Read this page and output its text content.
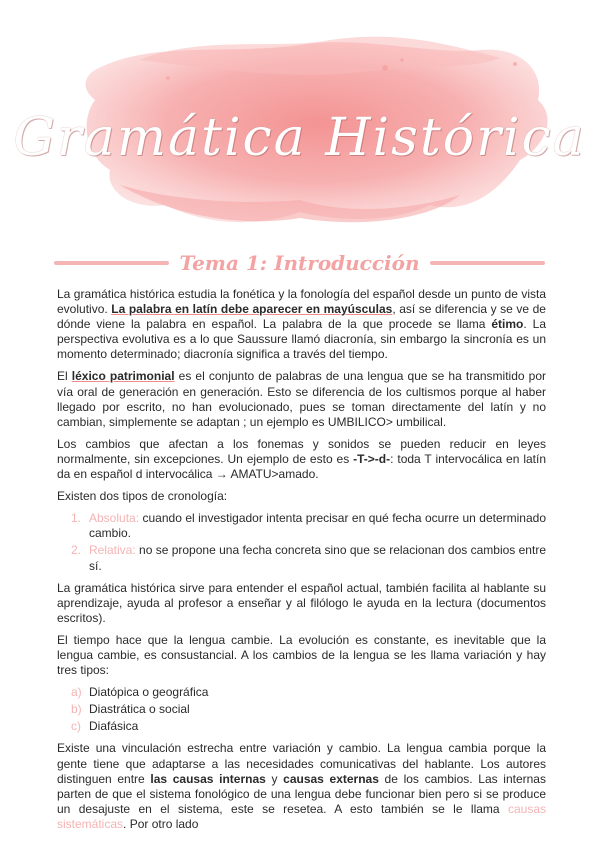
Gramática Histórica
Tema 1: Introducción

La gramática histórica estudia la fonética y la fonología del español desde un punto de vista evolutivo. La palabra en latín debe aparecer en mayúsculas, así se diferencia y se ve de dónde viene la palabra en español. La palabra de la que procede se llama étimo. La perspectiva evolutiva es a lo que Saussure llamó diacronía, sin embargo la sincronía es un momento determinado; diacronía significa a través del tiempo.

El léxico patrimonial es el conjunto de palabras de una lengua que se ha transmitido por vía oral de generación en generación. Esto se diferencia de los cultismos porque al haber llegado por escrito, no han evolucionado, pues se toman directamente del latín y no cambian, simplemente se adaptan ; un ejemplo es UMBILICO> umbilical.

Los cambios que afectan a los fonemas y sonidos se pueden reducir en leyes normalmente, sin excepciones. Un ejemplo de esto es -T->-d-: toda T intervocálica en latín da en español d intervocálica → AMATU>amado.

Existen dos tipos de cronología:

1. Absoluta: cuando el investigador intenta precisar en qué fecha ocurre un determinado cambio.
2. Relativa: no se propone una fecha concreta sino que se relacionan dos cambios entre sí.

La gramática histórica sirve para entender el español actual, también facilita al hablante su aprendizaje, ayuda al profesor a enseñar y al filólogo le ayuda en la lectura (documentos escritos).

El tiempo hace que la lengua cambie. La evolución es constante, es inevitable que la lengua cambie, es consustancial. A los cambios de la lengua se les llama variación y hay tres tipos:

a) Diatópica o geográfica
b) Diastrática o social
c) Diafásica

Existe una vinculación estrecha entre variación y cambio. La lengua cambia porque la gente tiene que adaptarse a las necesidades comunicativas del hablante. Los autores distinguen entre las causas internas y causas externas de los cambios. Las internas parten de que el sistema fonológico de una lengua debe funcionar bien pero si se produce un desajuste en el sistema, este se resetea. A esto también se le llama causas sistemáticas. Por otro lado
